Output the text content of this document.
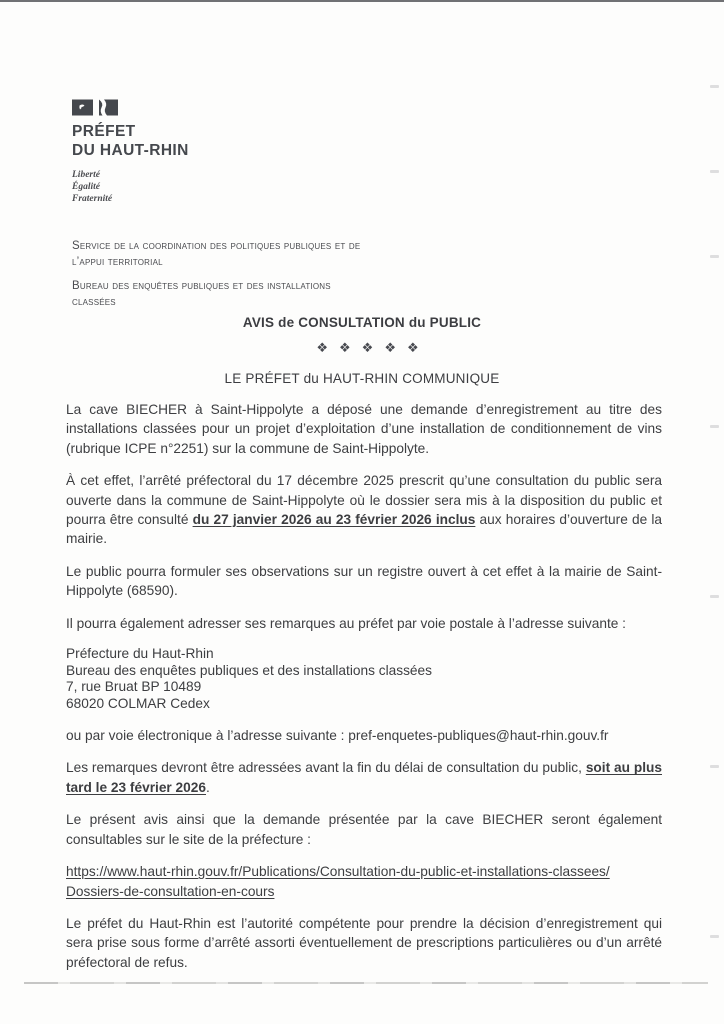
PRÉFET
DU HAUT-RHIN
Liberté
Égalité
Fraternité

Service de la coordination des politiques publiques et de l’appui territorial

Bureau des enquêtes publiques et des installations classées

AVIS de CONSULTATION du PUBLIC
❖❖❖❖❖
LE PRÉFET du HAUT-RHIN COMMUNIQUE

La cave BIECHER à Saint-Hippolyte a déposé une demande d’enregistrement au titre des installations classées pour un projet d’exploitation d’une installation de conditionnement de vins (rubrique ICPE n°2251) sur la commune de Saint-Hippolyte.

À cet effet, l’arrêté préfectoral du 17 décembre 2025 prescrit qu’une consultation du public sera ouverte dans la commune de Saint-Hippolyte où le dossier sera mis à la disposition du public et pourra être consulté du 27 janvier 2026 au 23 février 2026 inclus aux horaires d’ouverture de la mairie.

Le public pourra formuler ses observations sur un registre ouvert à cet effet à la mairie de Saint-Hippolyte (68590).

Il pourra également adresser ses remarques au préfet par voie postale à l’adresse suivante :

Préfecture du Haut-Rhin
Bureau des enquêtes publiques et des installations classées
7, rue Bruat BP 10489
68020 COLMAR Cedex

ou par voie électronique à l’adresse suivante : pref-enquetes-publiques@haut-rhin.gouv.fr

Les remarques devront être adressées avant la fin du délai de consultation du public, soit au plus tard le 23 février 2026.

Le présent avis ainsi que la demande présentée par la cave BIECHER seront également consultables sur le site de la préfecture :

https://www.haut-rhin.gouv.fr/Publications/Consultation-du-public-et-installations-classees/
Dossiers-de-consultation-en-cours

Le préfet du Haut-Rhin est l’autorité compétente pour prendre la décision d’enregistrement qui sera prise sous forme d’arrêté assorti éventuellement de prescriptions particulières ou d’un arrêté préfectoral de refus.
